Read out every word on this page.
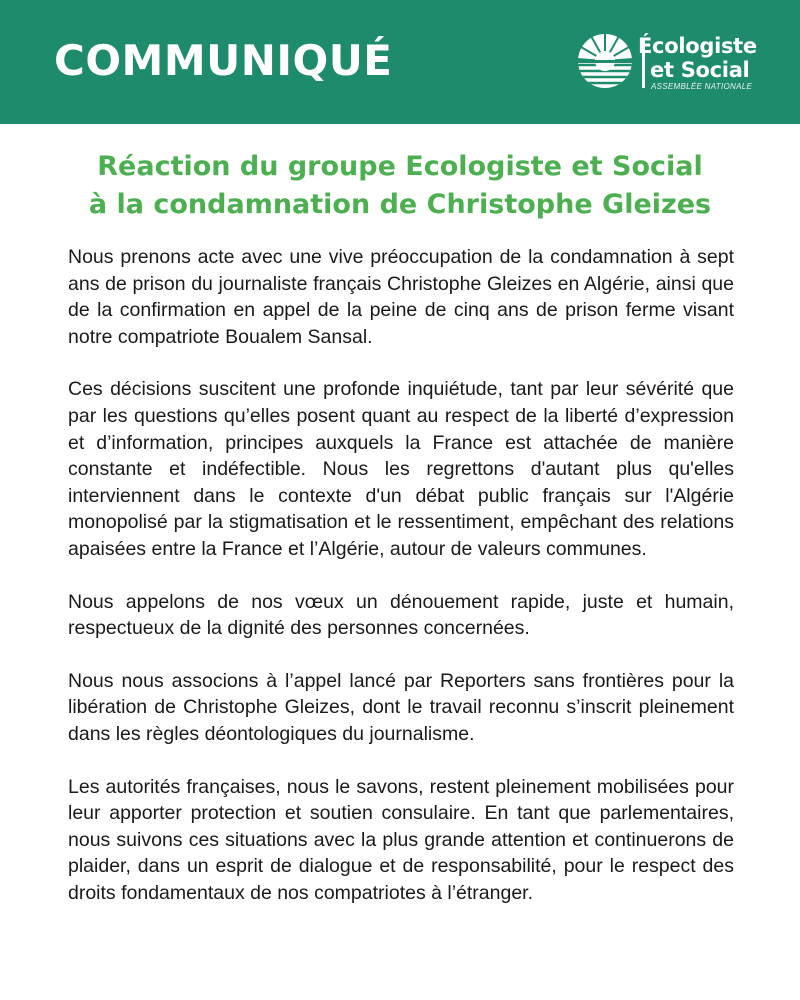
COMMUNIQUÉ	Écologiste
et Social
ASSEMBLÉE NATIONALE
Réaction du groupe Ecologiste et Social
à la condamnation de Christophe Gleizes

Nous prenons acte avec une vive préoccupation de la condamnation à sept ans de prison du journaliste français Christophe Gleizes en Algérie, ainsi que de la confirmation en appel de la peine de cinq ans de prison ferme visant notre compatriote Boualem Sansal.

Ces décisions suscitent une profonde inquiétude, tant par leur sévérité que par les questions qu’elles posent quant au respect de la liberté d’expression et d’information, principes auxquels la France est attachée de manière constante et indéfectible. Nous les regrettons d'autant plus qu'elles interviennent dans le contexte d'un débat public français sur l'Algérie monopolisé par la stigmatisation et le ressentiment, empêchant des relations apaisées entre la France et l’Algérie, autour de valeurs communes.

Nous appelons de nos vœux un dénouement rapide, juste et humain, respectueux de la dignité des personnes concernées.

Nous nous associons à l’appel lancé par Reporters sans frontières pour la libération de Christophe Gleizes, dont le travail reconnu s’inscrit pleinement dans les règles déontologiques du journalisme.

Les autorités françaises, nous le savons, restent pleinement mobilisées pour leur apporter protection et soutien consulaire. En tant que parlementaires, nous suivons ces situations avec la plus grande attention et continuerons de plaider, dans un esprit de dialogue et de responsabilité, pour le respect des droits fondamentaux de nos compatriotes à l’étranger.
